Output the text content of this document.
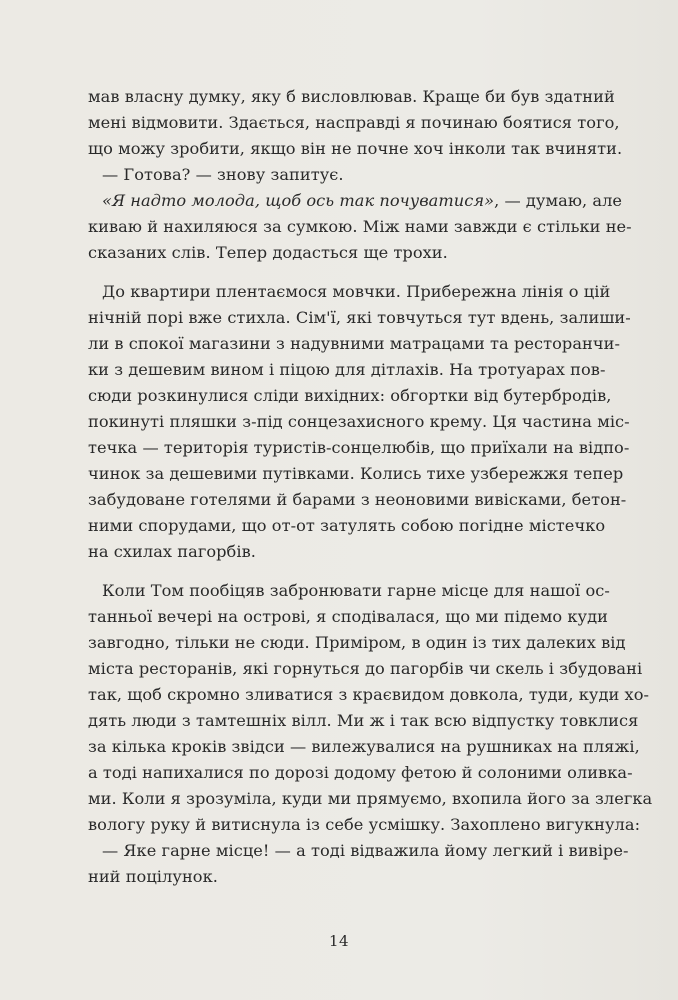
мав власну думку, яку б висловлював. Краще би був здатний
мені відмовити. Здається, насправді я починаю боятися того,
що можу зробити, якщо він не почне хоч інколи так вчиняти.
— Готова? — знову запитує.
«Я надто молода, щоб ось так почуватися», — думаю, але
киваю й нахиляюся за сумкою. Між нами завжди є стільки не-
сказаних слів. Тепер додасться ще трохи.
До квартири плентаємося мовчки. Прибережна лінія о цій
нічній порі вже стихла. Сім'ї, які товчуться тут вдень, залиши-
ли в спокої магазини з надувними матрацами та ресторанчи-
ки з дешевим вином і піцою для дітлахів. На тротуарах пов-
сюди розкинулися сліди вихідних: обгортки від бутербродів,
покинуті пляшки з-під сонцезахисного крему. Ця частина міс-
течка — територія туристів-сонцелюбів, що приїхали на відпо-
чинок за дешевими путівками. Колись тихе узбережжя тепер
забудоване готелями й барами з неоновими вивісками, бетон-
ними спорудами, що от-от затулять собою погідне містечко
на схилах пагорбів.
Коли Том пообіцяв забронювати гарне місце для нашої ос-
танньої вечері на острові, я сподівалася, що ми підемо куди
завгодно, тільки не сюди. Приміром, в один із тих далеких від
міста ресторанів, які горнуться до пагорбів чи скель і збудовані
так, щоб скромно зливатися з краєвидом довкола, туди, куди хо-
дять люди з тамтешніх вілл. Ми ж і так всю відпустку товклися
за кілька кроків звідси — вилежувалися на рушниках на пляжі,
а тоді напихалися по дорозі додому фетою й солоними оливка-
ми. Коли я зрозуміла, куди ми прямуємо, вхопила його за злегка
вологу руку й витиснула із себе усмішку. Захоплено вигукнула:
— Яке гарне місце! — а тоді відважила йому легкий і вивіре-
ний поцілунок.
14
